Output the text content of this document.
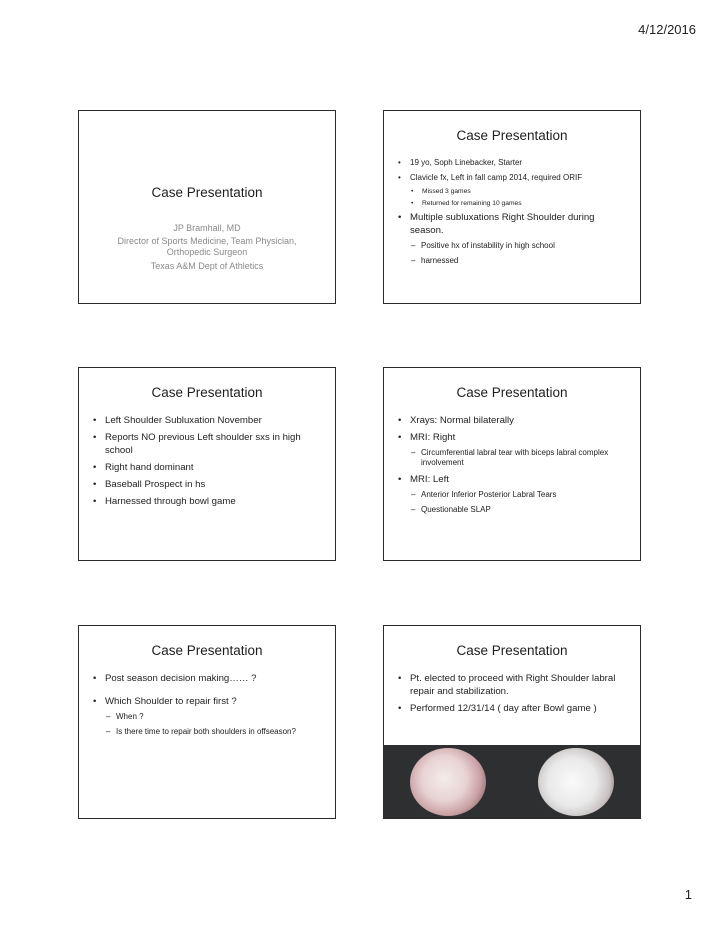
4/12/2016
Case Presentation
JP Bramhall, MD
Director of Sports Medicine, Team Physician, Orthopedic Surgeon
Texas A&M Dept of Athletics
Case Presentation
• 19 yo, Soph Linebacker, Starter
• Clavicle fx, Left in fall camp 2014, required ORIF
• Missed 3 games
• Returned for remaining 10 games
• Multiple subluxations Right Shoulder during season.
– Positive hx of instability in high school
– harnessed
Case Presentation
• Left Shoulder Subluxation November
• Reports NO previous Left shoulder sxs in high school
• Right hand dominant
• Baseball Prospect in hs
• Harnessed through bowl game
Case Presentation
• Xrays: Normal bilaterally
• MRI: Right
– Circumferential labral tear with biceps labral complex involvement
• MRI: Left
– Anterior Inferior Posterior Labral Tears
– Questionable SLAP
Case Presentation
• Post season decision making…… ?
• Which Shoulder to repair first ?
– When ?
– Is there time to repair both shoulders in offseason?
Case Presentation
• Pt. elected to proceed with Right Shoulder labral repair and stabilization.
• Performed 12/31/14 ( day after Bowl game )
1
